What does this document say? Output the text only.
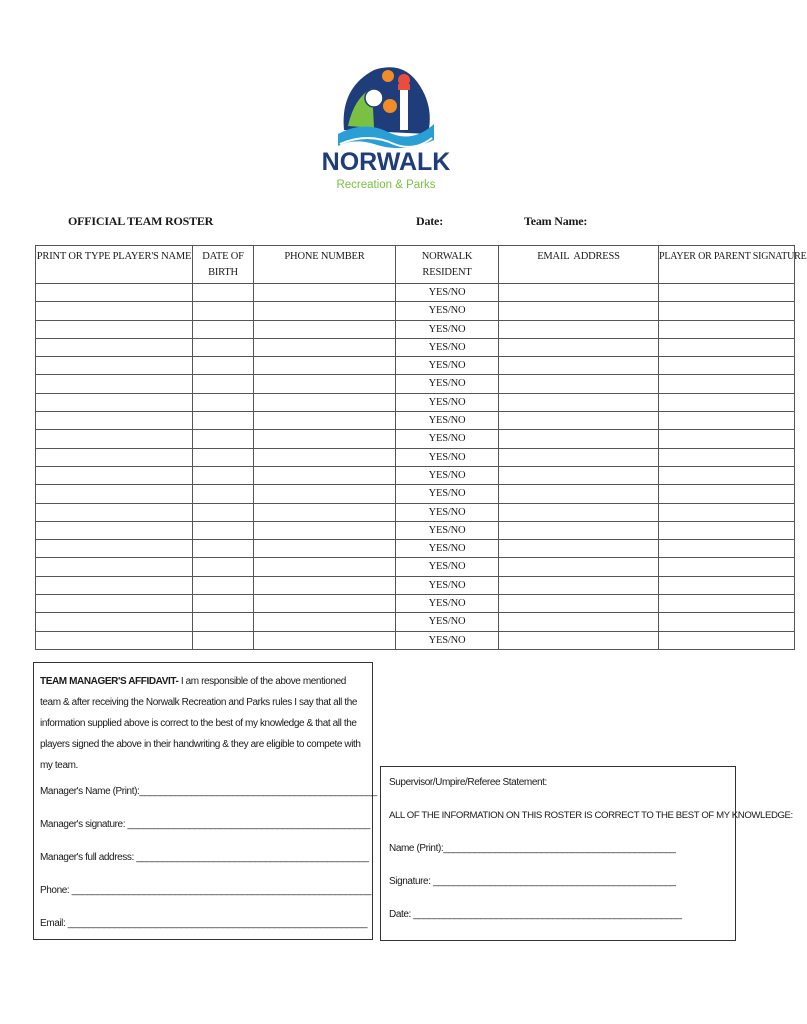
NORWALK
Recreation & Parks
OFFICIAL TEAM ROSTER	Date:	Team Name:
PRINT OR TYPE PLAYER'S NAME	DATE OF BIRTH	PHONE NUMBER	NORWALK RESIDENT	EMAIL  ADDRESS	PLAYER OR PARENT SIGNATURE
			YES/NO		
			YES/NO		
			YES/NO		
			YES/NO		
			YES/NO		
			YES/NO		
			YES/NO		
			YES/NO		
			YES/NO		
			YES/NO		
			YES/NO		
			YES/NO		
			YES/NO		
			YES/NO		
			YES/NO		
			YES/NO		
			YES/NO		
			YES/NO		
			YES/NO		
			YES/NO		

TEAM MANAGER'S AFFIDAVIT- I am responsible of the above mentioned team & after receiving the Norwalk Recreation and Parks rules I say that all the information supplied above is correct to the best of my knowledge & that all the players signed the above in their handwriting & they are eligible to compete with my team.

Manager's Name (Print):______________________________________________
Manager's signature: _______________________________________________
Manager's full address: _____________________________________________
Phone: __________________________________________________________
Email: __________________________________________________________
Supervisor/Umpire/Referee Statement:
ALL OF THE INFORMATION ON THIS ROSTER IS CORRECT TO THE BEST OF MY KNOWLEDGE:
Name (Print):_____________________________________________
Signature: _______________________________________________
Date: ____________________________________________________
